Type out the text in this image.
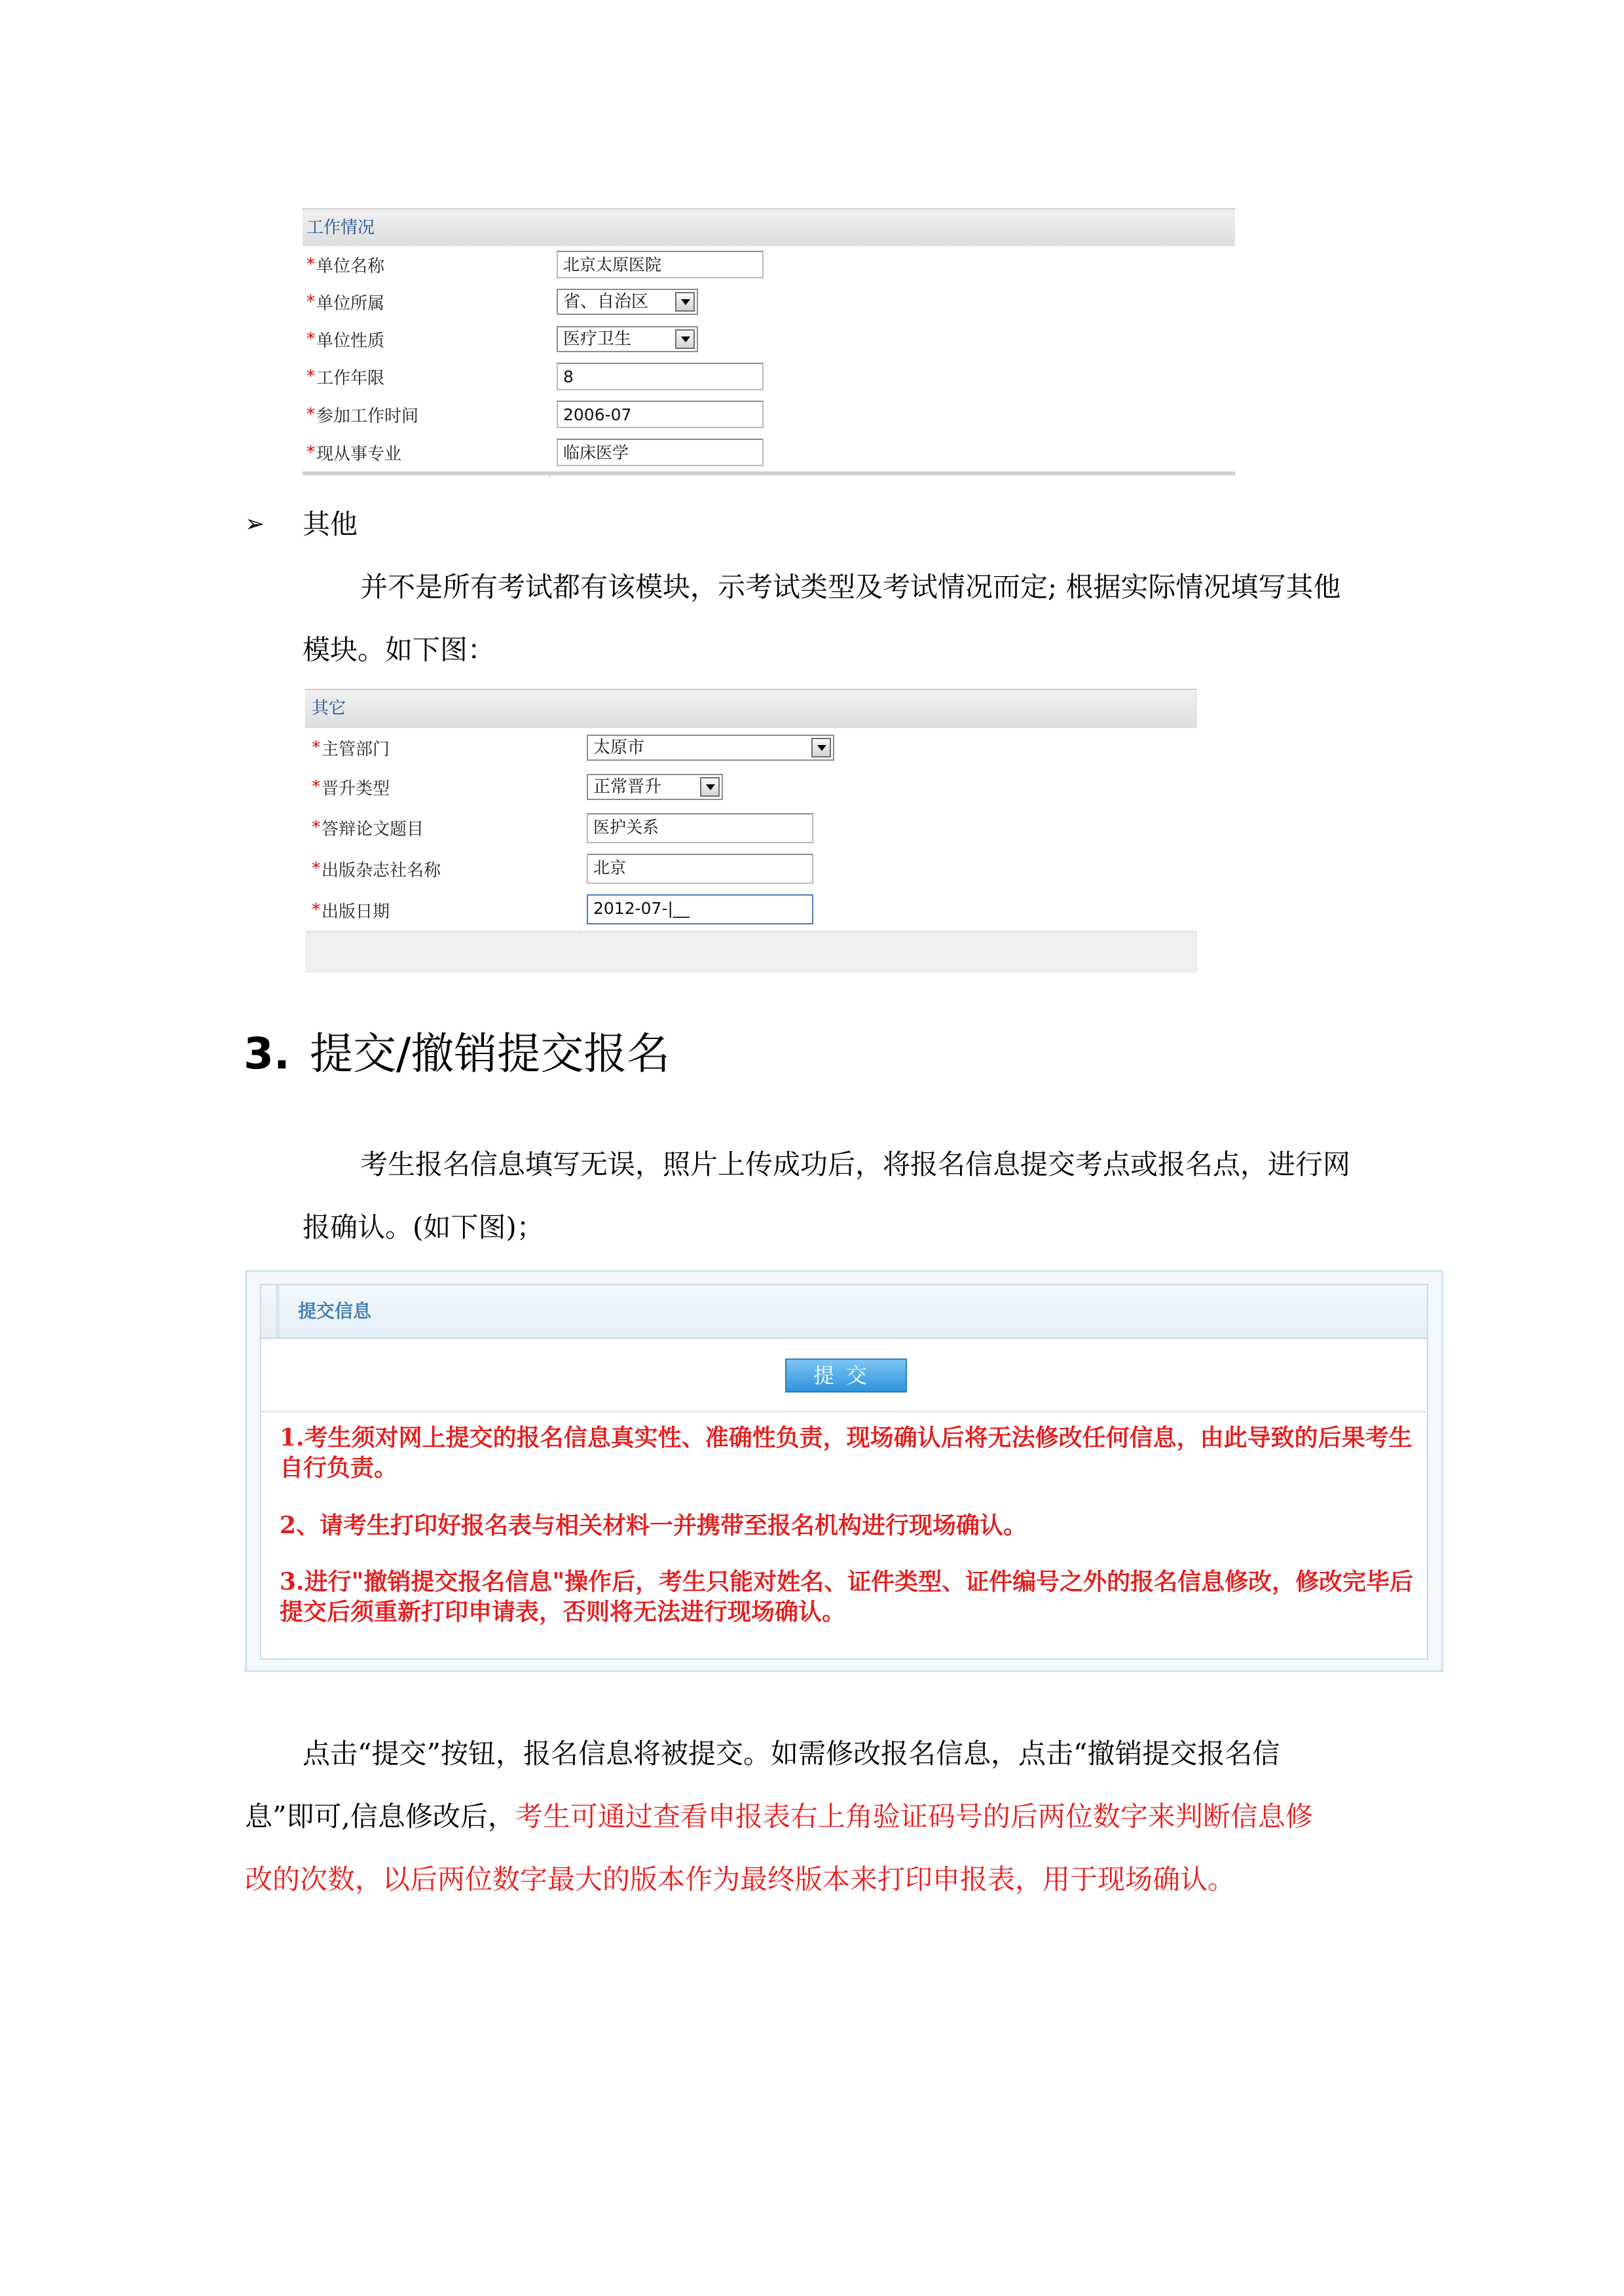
工作情况
* 单位名称	北京太原医院
* 单位所属	省、自治区
* 单位性质	医疗卫生
* 工作年限	8
* 参加工作时间	2006-07
* 现从事专业	临床医学
➢ 其他
并不是所有考试都有该模块，示考试类型及考试情况而定; 根据实际情况填写其他
模块。如下图：
其它
* 主管部门	太原市
* 晋升类型	正常晋升
* 答辩论文题目	医护关系
* 出版杂志社名称	北京
* 出版日期	2012-07-|__
3. 提交/撤销提交报名
考生报名信息填写无误，照片上传成功后，将报名信息提交考点或报名点，进行网
报确认。(如下图)；
提交信息
提交
1.考生须对网上提交的报名信息真实性、准确性负责，现场确认后将无法修改任何信息，由此导致的后果考生自行负责。
2、请考生打印好报名表与相关材料一并携带至报名机构进行现场确认。
3.进行"撤销提交报名信息"操作后，考生只能对姓名、证件类型、证件编号之外的报名信息修改，修改完毕后提交后须重新打印申请表，否则将无法进行现场确认。
点击“提交”按钮，报名信息将被提交。如需修改报名信息，点击“撤销提交报名信
息”即可,信息修改后，考生可通过查看申报表右上角验证码号的后两位数字来判断信息修
改的次数，以后两位数字最大的版本作为最终版本来打印申报表，用于现场确认。
